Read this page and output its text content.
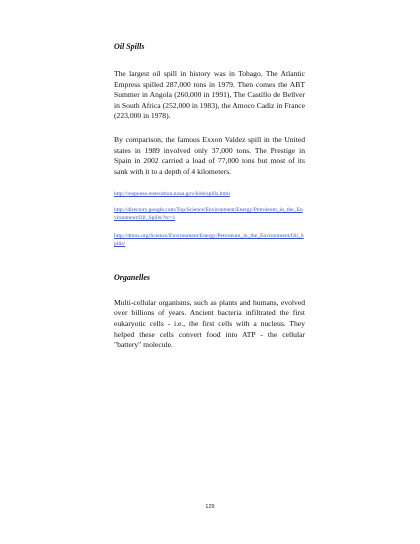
Oil Spills

The largest oil spill in history was in Tobago. The Atlantic Empress spilled 287,000 tons in 1979. Then comes the ABT Summer in Angola (260,000 in 1991), The Castillo de Bellver in South Africa (252,000 in 1983), the Amoco Cadiz in France (223,000 in 1978).

By comparison, the famous Exxon Valdez spill in the United states in 1989 involved only 37,000 tons. The Prestige in Spain in 2002 carried a load of 77,000 tons but most of its sank with it to a depth of 4 kilometers.

http://response.restoration.noaa.gov/kids/spills.html
http://directory.google.com/Top/Science/Environment/Energy/Petroleum_in_the_Environment/Oil_Spills/?tc=1
http://dmoz.org/Science/Environment/Energy/Petroleum_in_the_Environment/Oil_Spills/
Organelles

Multi-cellular organisms, such as plants and humans, evolved over billions of years. Ancient bacteria infiltrated the first eukaryotic cells - i.e., the first cells with a nucleus. They helped these cells convert food into ATP - the cellular "battery" molecule.

129
